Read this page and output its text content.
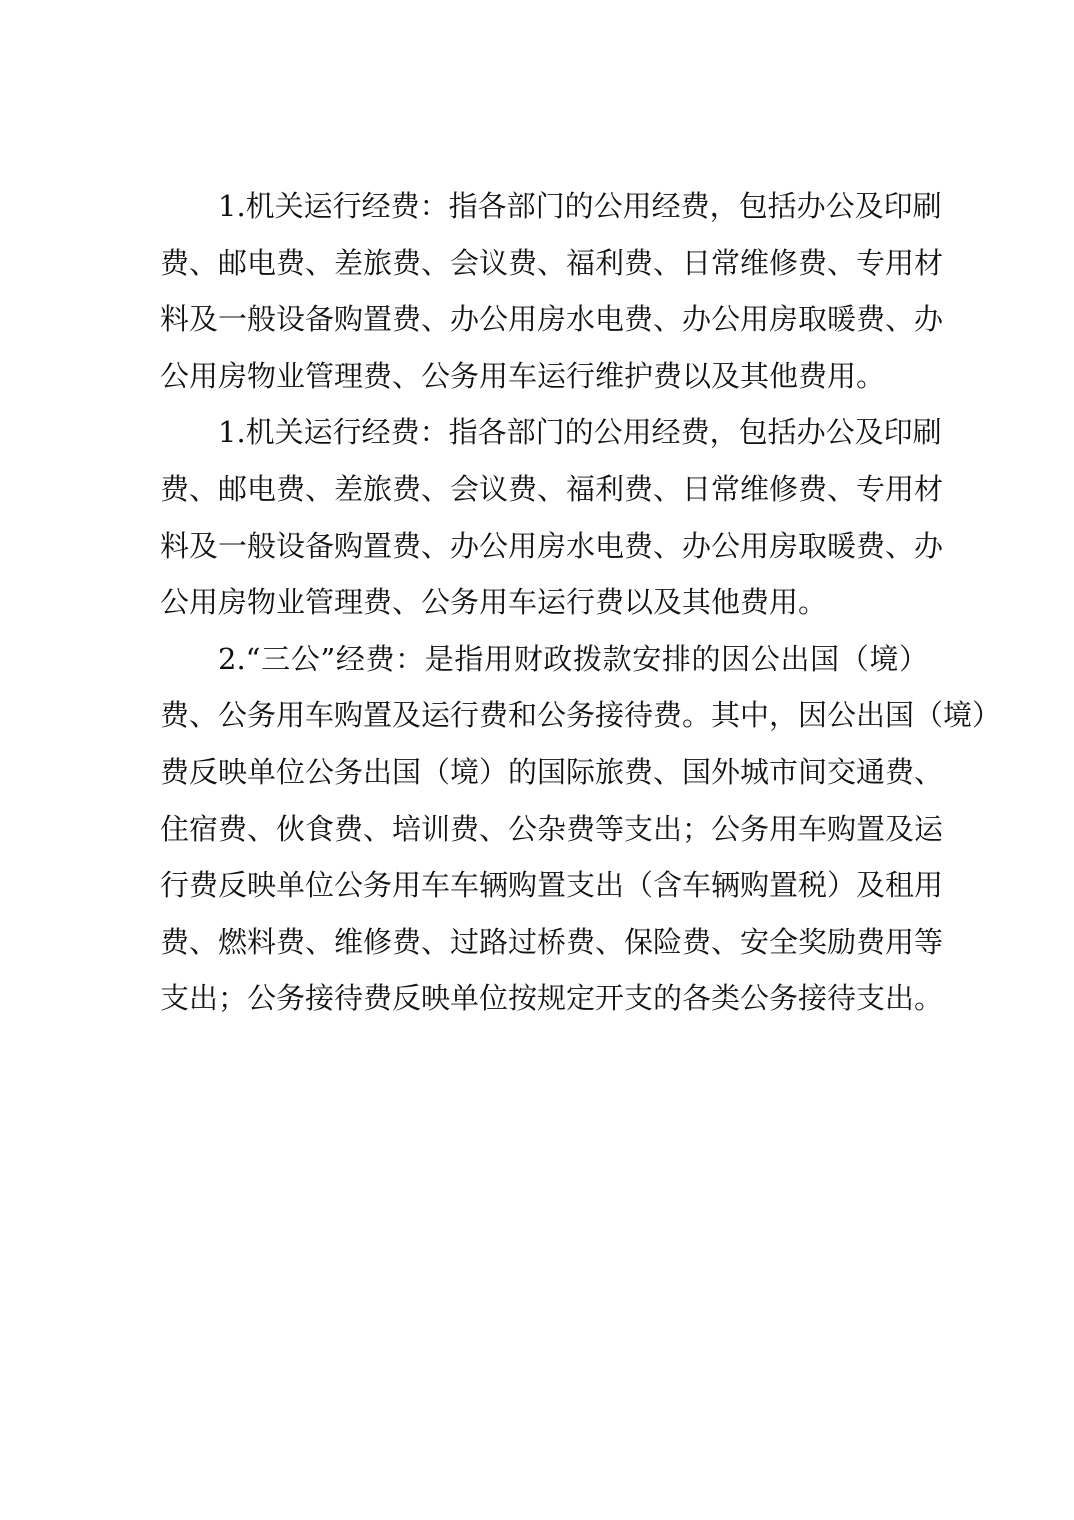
1.机关运行经费：指各部门的公用经费，包括办公及印刷
费、邮电费、差旅费、会议费、福利费、日常维修费、专用材
料及一般设备购置费、办公用房水电费、办公用房取暖费、办
公用房物业管理费、公务用车运行维护费以及其他费用。
1.机关运行经费：指各部门的公用经费，包括办公及印刷
费、邮电费、差旅费、会议费、福利费、日常维修费、专用材
料及一般设备购置费、办公用房水电费、办公用房取暖费、办
公用房物业管理费、公务用车运行费以及其他费用。
2.“三公”经费：是指用财政拨款安排的因公出国（境）
费、公务用车购置及运行费和公务接待费。其中，因公出国（境）
费反映单位公务出国（境）的国际旅费、国外城市间交通费、
住宿费、伙食费、培训费、公杂费等支出；公务用车购置及运
行费反映单位公务用车车辆购置支出（含车辆购置税）及租用
费、燃料费、维修费、过路过桥费、保险费、安全奖励费用等
支出；公务接待费反映单位按规定开支的各类公务接待支出。
